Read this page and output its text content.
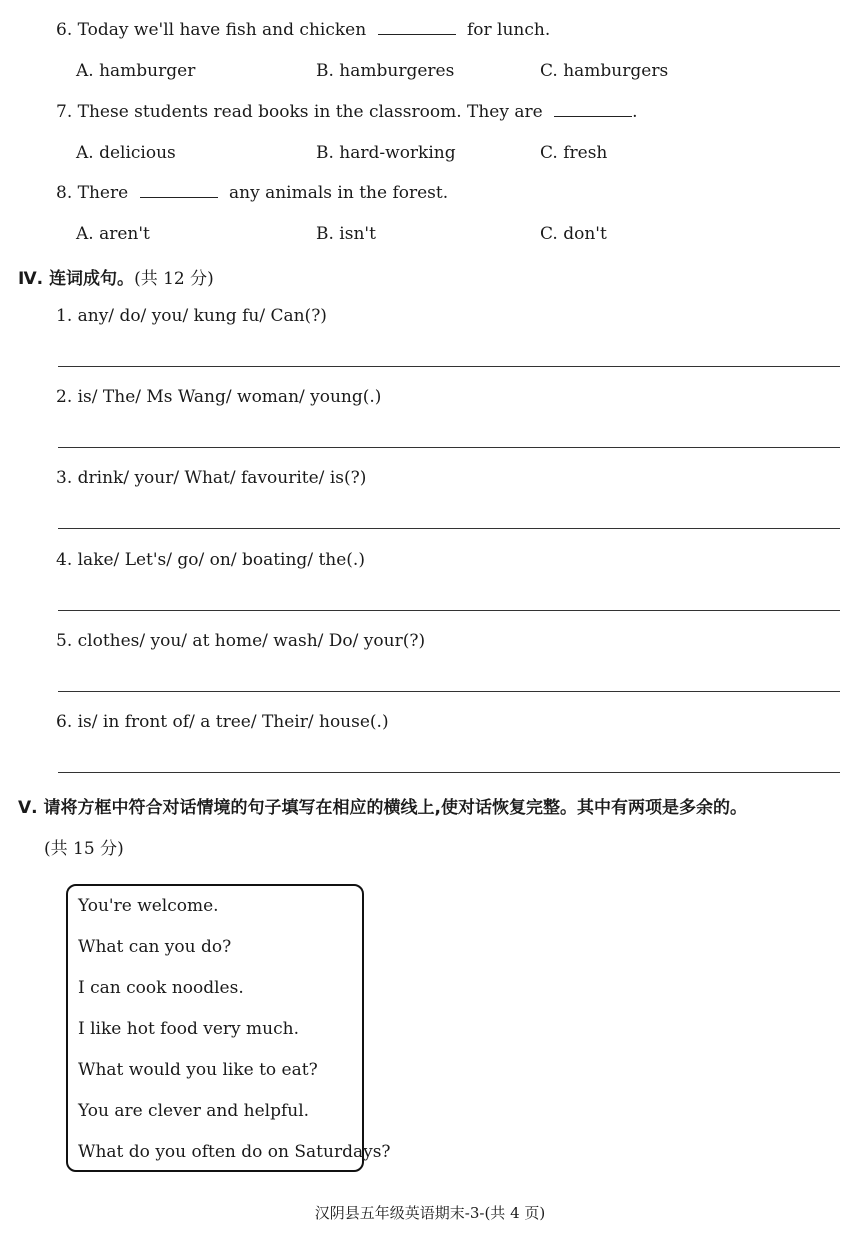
6. Today we'll have fish and chicken	for lunch.
A. hamburger	B. hamburgeres	C. hamburgers
7. These students read books in the classroom. They are	.
A. delicious	B. hard-working	C. fresh
8. There	any animals in the forest.
A. aren't	B. isn't	C. don't
Ⅳ. 连词成句。(共 12 分)
1. any/ do/ you/ kung fu/ Can(?)
2. is/ The/ Ms Wang/ woman/ young(.)
3. drink/ your/ What/ favourite/ is(?)
4. lake/ Let's/ go/ on/ boating/ the(.)
5. clothes/ you/ at home/ wash/ Do/ your(?)
6. is/ in front of/ a tree/ Their/ house(.)
Ⅴ. 请将方框中符合对话情境的句子填写在相应的横线上,使对话恢复完整。其中有两项是多余的。
(共 15 分)
You're welcome.
What can you do?
I can cook noodles.
I like hot food very much.
What would you like to eat?
You are clever and helpful.
What do you often do on Saturdays?
汉阴县五年级英语期末-3-(共 4 页)
